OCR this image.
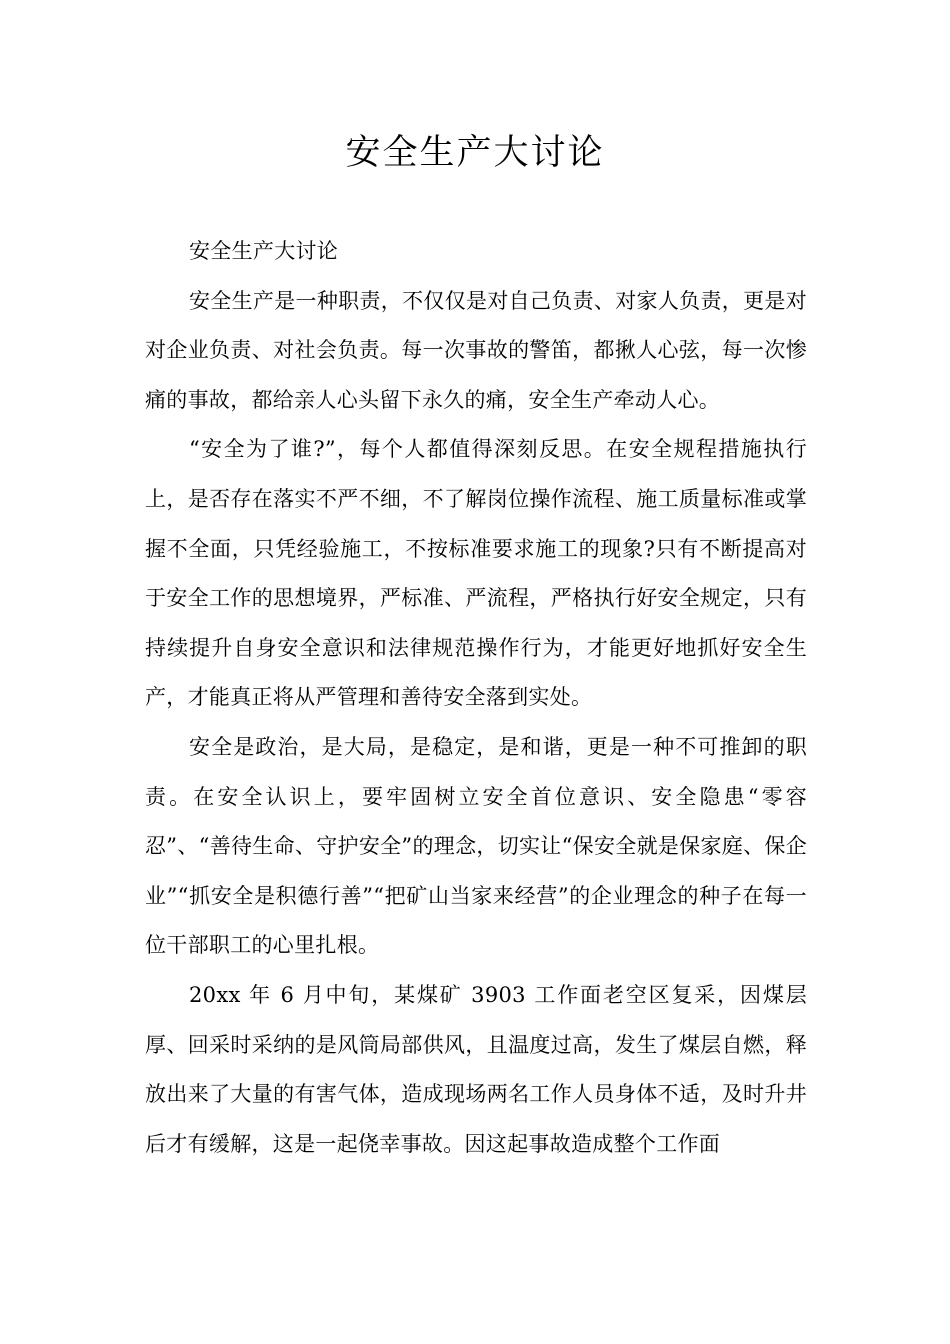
安全生产大讨论

安全生产大讨论

安全生产是一种职责，不仅仅是对自己负责、对家人负责，更是对对企业负责、对社会负责。每一次事故的警笛，都揪人心弦，每一次惨痛的事故，都给亲人心头留下永久的痛，安全生产牵动人心。

“安全为了谁?”，每个人都值得深刻反思。在安全规程措施执行上，是否存在落实不严不细，不了解岗位操作流程、施工质量标准或掌握不全面，只凭经验施工，不按标准要求施工的现象?只有不断提高对于安全工作的思想境界，严标准、严流程，严格执行好安全规定，只有持续提升自身安全意识和法律规范操作行为，才能更好地抓好安全生产，才能真正将从严管理和善待安全落到实处。

安全是政治，是大局，是稳定，是和谐，更是一种不可推卸的职责。在安全认识上，要牢固树立安全首位意识、安全隐患“零容忍”、“善待生命、守护安全”的理念，切实让“保安全就是保家庭、保企业”“抓安全是积德行善”“把矿山当家来经营”的企业理念的种子在每一位干部职工的心里扎根。

20xx 年 6 月中旬，某煤矿 3903 工作面老空区复采，因煤层厚、回采时采纳的是风筒局部供风，且温度过高，发生了煤层自燃，释放出来了大量的有害气体，造成现场两名工作人员身体不适，及时升井后才有缓解，这是一起侥幸事故。因这起事故造成整个工作面
